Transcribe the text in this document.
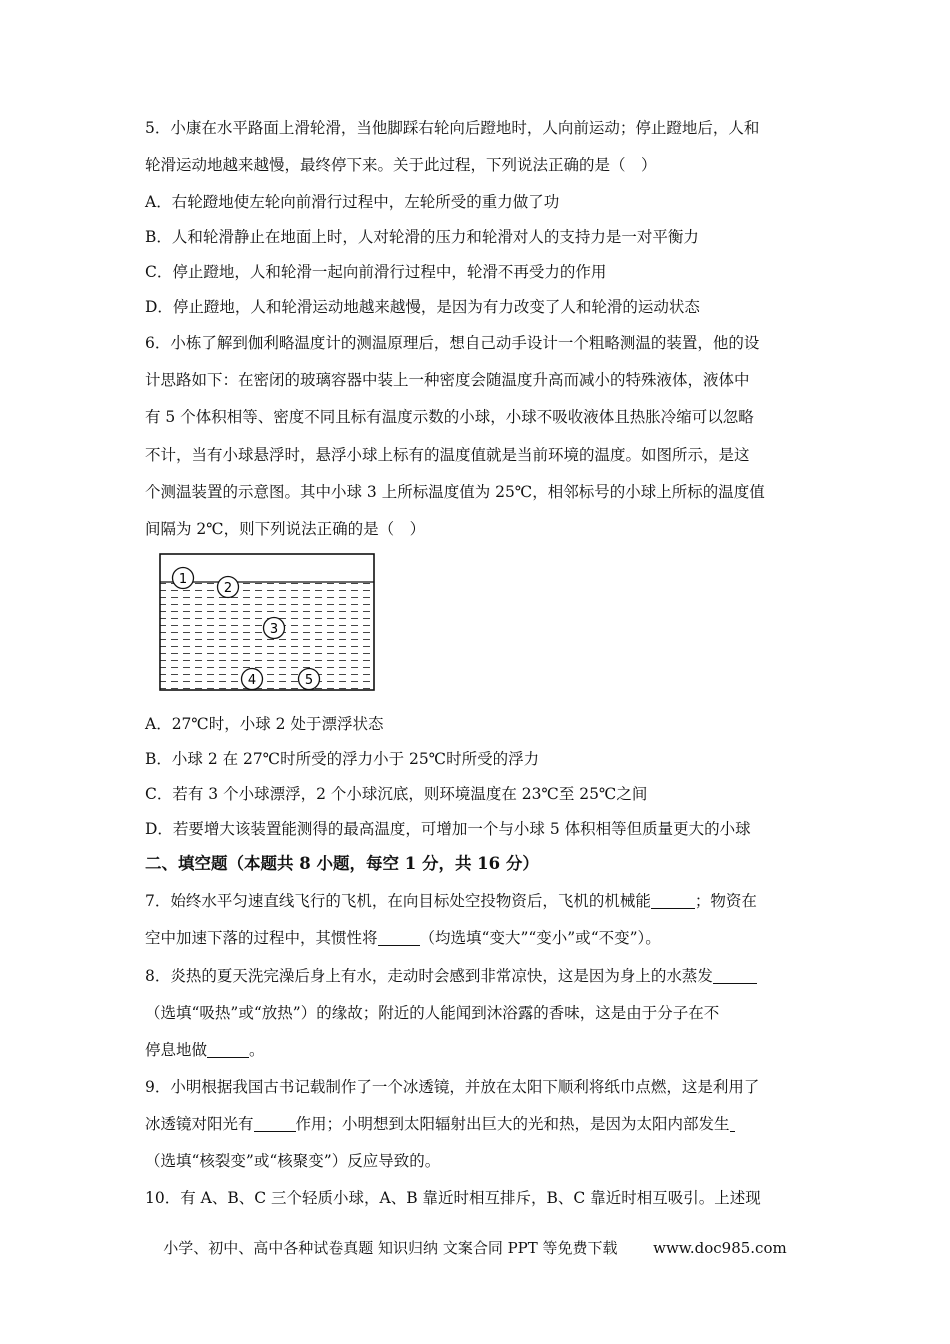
5．小康在水平路面上滑轮滑，当他脚踩右轮向后蹬地时，人向前运动；停止蹬地后，人和
轮滑运动地越来越慢，最终停下来。关于此过程，下列说法正确的是（　）
A．右轮蹬地使左轮向前滑行过程中，左轮所受的重力做了功
B．人和轮滑静止在地面上时，人对轮滑的压力和轮滑对人的支持力是一对平衡力
C．停止蹬地，人和轮滑一起向前滑行过程中，轮滑不再受力的作用
D．停止蹬地，人和轮滑运动地越来越慢，是因为有力改变了人和轮滑的运动状态
6．小栋了解到伽利略温度计的测温原理后，想自己动手设计一个粗略测温的装置，他的设
计思路如下：在密闭的玻璃容器中装上一种密度会随温度升高而减小的特殊液体，液体中
有 5 个体积相等、密度不同且标有温度示数的小球，小球不吸收液体且热胀冷缩可以忽略
不计，当有小球悬浮时，悬浮小球上标有的温度值就是当前环境的温度。如图所示，是这
个测温装置的示意图。其中小球 3 上所标温度值为 25℃，相邻标号的小球上所标的温度值
间隔为 2℃，则下列说法正确的是（　）
1
2
3
4	5
A．27℃时，小球 2 处于漂浮状态
B．小球 2 在 27℃时所受的浮力小于 25℃时所受的浮力
C．若有 3 个小球漂浮，2 个小球沉底，则环境温度在 23℃至 25℃之间
D．若要增大该装置能测得的最高温度，可增加一个与小球 5 体积相等但质量更大的小球
二、填空题（本题共 8 小题，每空 1 分，共 16 分）
7．始终水平匀速直线飞行的飞机，在向目标处空投物资后，飞机的机械能	；物资在
空中加速下落的过程中，其惯性将	（均选填“变大”“变小”或“不变”）。
8．炎热的夏天洗完澡后身上有水，走动时会感到非常凉快，这是因为身上的水蒸发
（选填“吸热”或“放热”）的缘故；附近的人能闻到沐浴露的香味，这是由于分子在不
停息地做	。
9．小明根据我国古书记载制作了一个冰透镜，并放在太阳下顺利将纸巾点燃，这是利用了
冰透镜对阳光有	作用；小明想到太阳辐射出巨大的光和热，是因为太阳内部发生
（选填“核裂变”或“核聚变”）反应导致的。
10．有 A、B、C 三个轻质小球，A、B 靠近时相互排斥，B、C 靠近时相互吸引。上述现
小学、初中、高中各种试卷真题 知识归纳 文案合同 PPT 等免费下载 www.doc985.com
